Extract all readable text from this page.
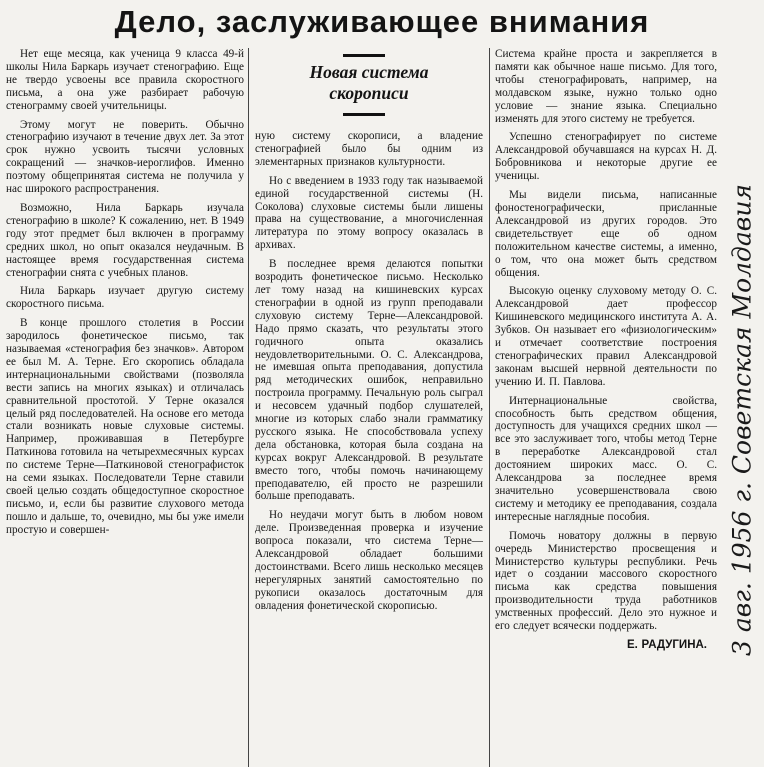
Дело, заслуживающее внимания
Новая система
скорописи

Нет еще месяца, как ученица 9 класса 49-й школы Нила Баркарь изучает стенографию. Еще не твердо усвоены все правила скоростного письма, а она уже разбирает рабочую стенограмму своей учительницы.

Этому могут не поверить. Обычно стенографию изучают в течение двух лет. За этот срок нужно усвоить тысячи условных сокращений — значков-иероглифов. Именно поэтому общепринятая система не получила у нас широкого распространения.

Возможно, Нила Баркарь изучала стенографию в школе? К сожалению, нет. В 1949 году этот предмет был включен в программу средних школ, но опыт оказался неудачным. В настоящее время государственная система стенографии снята с учебных планов.

Нила Баркарь изучает другую систему скоростного письма.

В конце прошлого столетия в России зародилось фонетическое письмо, так называемая «стенография без значков». Автором ее был М. А. Терне. Его скоропись обладала интернациональными свойствами (позволяла вести запись на многих языках) и отличалась сравнительной простотой. У Терне оказался целый ряд последователей. На основе его метода стали возникать новые слуховые системы. Например, проживавшая в Петербурге Паткинова готовила на четырехмесячных курсах по системе Терне—Паткиновой стенографисток на семи языках. Последователи Терне ставили своей целью создать общедоступное скоростное письмо, и, если бы развитие слухового метода пошло и дальше, то, очевидно, мы бы уже имели простую и совершен-

ную систему скорописи, а владение стенографией было бы одним из элементарных признаков культурности.

Но с введением в 1933 году так называемой единой государственной системы (Н. Соколова) слуховые системы были лишены права на существование, а многочисленная литература по этому вопросу оказалась в архивах.

В последнее время делаются попытки возродить фонетическое письмо. Несколько лет тому назад на кишиневских курсах стенографии в одной из групп преподавали слуховую систему Терне—Александровой. Надо прямо сказать, что результаты этого годичного опыта оказались неудовлетворительными. О. С. Александрова, не имевшая опыта преподавания, допустила ряд методических ошибок, неправильно построила программу. Печальную роль сыграл и несовсем удачный подбор слушателей, многие из которых слабо знали грамматику русского языка. Не способствовала успеху дела обстановка, которая была создана на курсах вокруг Александровой. В результате вместо того, чтобы помочь начинающему преподавателю, ей просто не разрешили больше преподавать.

Но неудачи могут быть в любом новом деле. Произведенная проверка и изучение вопроса показали, что система Терне—Александровой обладает большими достоинствами. Всего лишь несколько месяцев нерегулярных занятий самостоятельно по рукописи оказалось достаточным для овладения фонетической скорописью.

Система крайне проста и закрепляется в памяти как обычное наше письмо. Для того, чтобы стенографировать, например, на молдавском языке, нужно только одно условие — знание языка. Специально изменять для этого систему не требуется.

Успешно стенографирует по системе Александровой обучавшаяся на курсах Н. Д. Бобровникова и некоторые другие ее ученицы.

Мы видели письма, написанные фоностенографически, присланные Александровой из других городов. Это свидетельствует еще об одном положительном качестве системы, а именно, о том, что она может быть средством общения.

Высокую оценку слуховому методу О. С. Александровой дает профессор Кишиневского медицинского института А. А. Зубков. Он называет его «физиологическим» и отмечает соответствие построения стенографических правил Александровой законам высшей нервной деятельности по учению И. П. Павлова.

Интернациональные свойства, способность быть средством общения, доступность для учащихся средних школ — все это заслуживает того, чтобы метод Терне в переработке Александровой стал достоянием широких масс. О. С. Александрова за последнее время значительно усовершенствовала свою систему и методику ее преподавания, создала интересные наглядные пособия.

Помочь новатору должны в первую очередь Министерство просвещения и Министерство культуры республики. Речь идет о создании массового скоростного письма как средства повышения производительности труда работников умственных профессий. Дело это нужное и его следует всячески поддержать.

Е. РАДУГИНА. 3 авг. 1956 г. Советская Молдавия
